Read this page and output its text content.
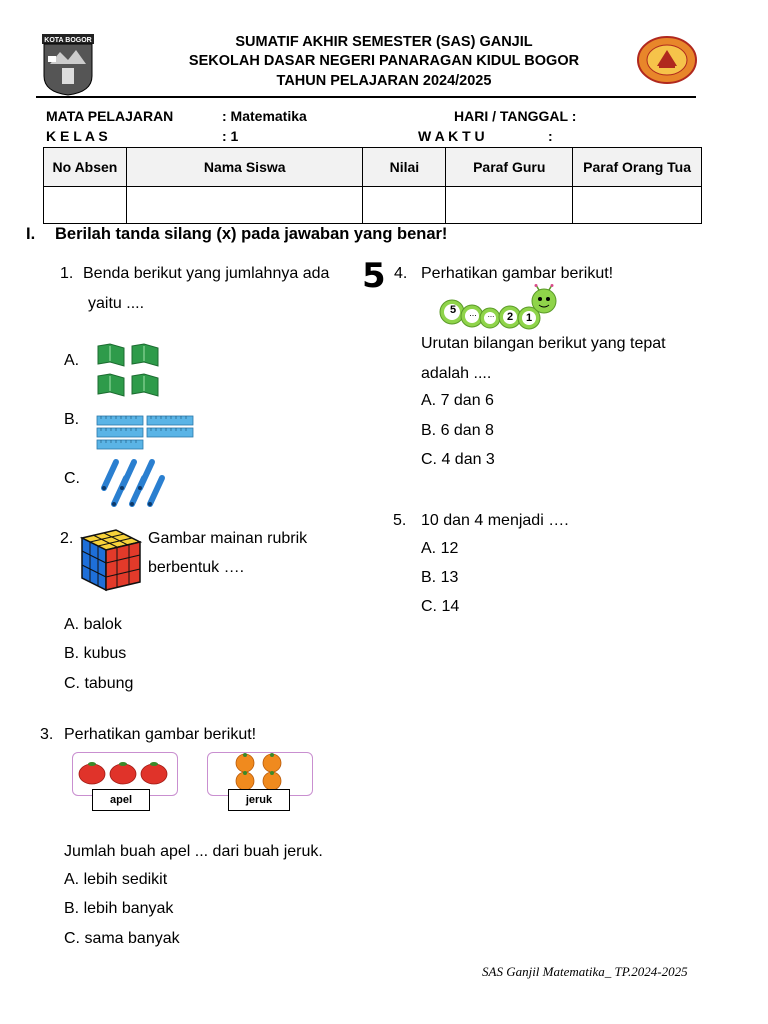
KOTA BOGOR	SUMATIF AKHIR SEMESTER (SAS) GANJIL
SEKOLAH DASAR NEGERI PANARAGAN KIDUL BOGOR
TAHUN PELAJARAN 2024/2025
MATA PELAJARAN	: Matematika	HARI / TANGGAL :
K E L A S	: 1	W A K T U	:
No Absen	Nama Siswa	Nilai	Paraf Guru	Paraf Orang Tua

I. Berilah tanda silang (x) pada jawaban yang benar!
1. Benda berikut yang jumlahnya ada 5
yaitu ....
A.
B.
C.
2.	Gambar mainan rubrik
berbentuk ….
A. balok
B. kubus
C. tabung
3. Perhatikan gambar berikut!
apel	jeruk
Jumlah buah apel ... dari buah jeruk.
A. lebih sedikit
B. lebih banyak
C. sama banyak
4. Perhatikan gambar berikut!
5	...	...	2	1
Urutan bilangan berikut yang tepat
adalah ....
A. 7 dan 6
B. 6 dan 8
C. 4 dan 3
5. 10 dan 4 menjadi ….
A. 12
B. 13
C. 14
SAS Ganjil Matematika_ TP.2024-2025
